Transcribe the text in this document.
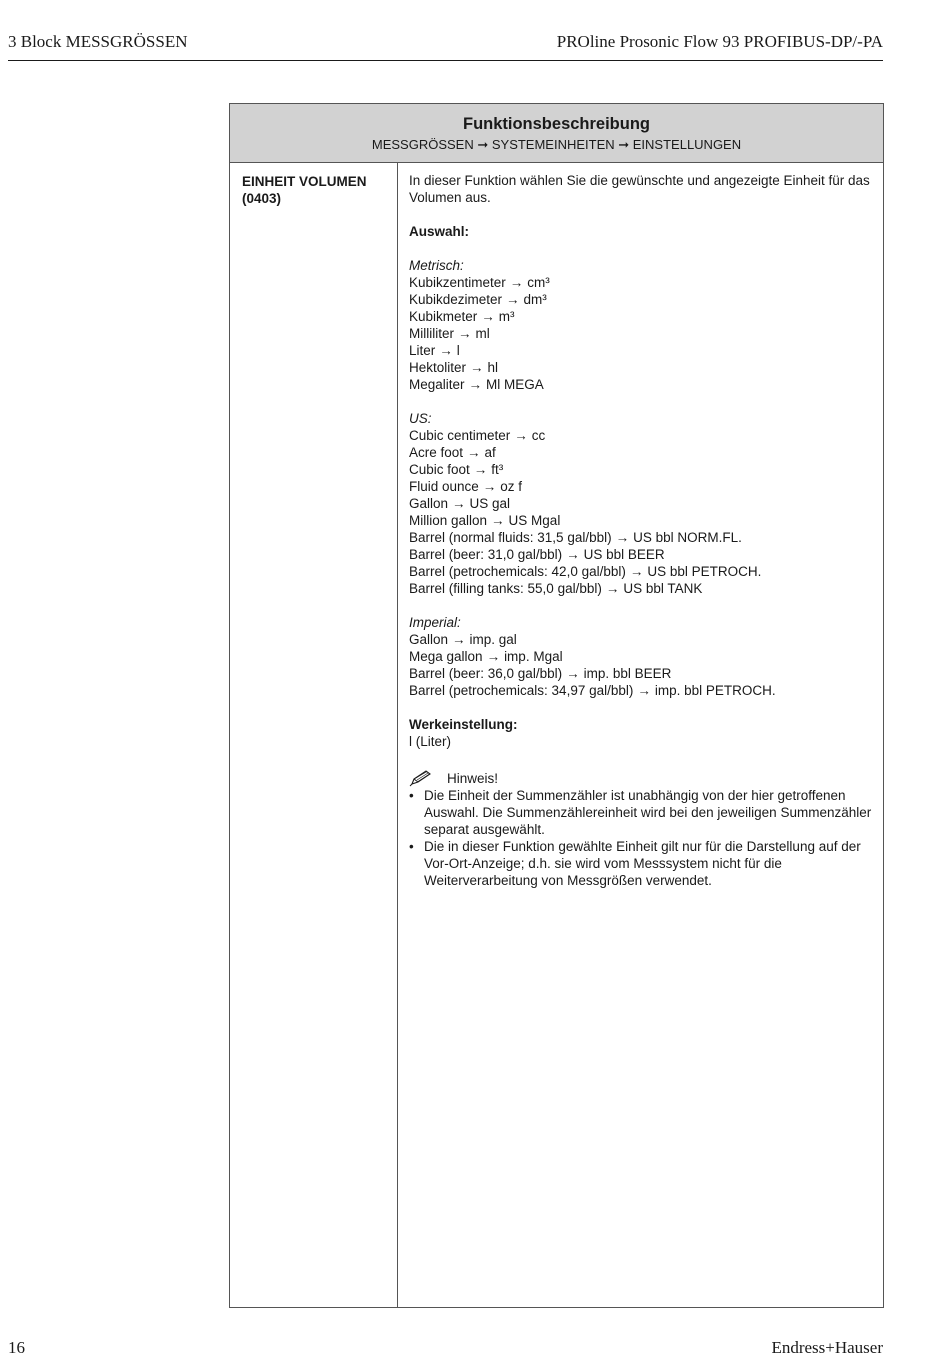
3 Block MESSGRÖSSEN	PROline Prosonic Flow 93 PROFIBUS-DP/-PA
Funktionsbeschreibung
MESSGRÖSSEN ➞ SYSTEMEINHEITEN ➞ EINSTELLUNGEN
EINHEIT VOLUMEN
(0403)
In dieser Funktion wählen Sie die gewünschte und angezeigte Einheit für das
Volumen aus.
Auswahl:
Metrisch:
Kubikzentimeter → cm³
Kubikdezimeter → dm³
Kubikmeter → m³
Milliliter → ml
Liter → l
Hektoliter → hl
Megaliter → Ml MEGA
US:
Cubic centimeter → cc
Acre foot → af
Cubic foot → ft³
Fluid ounce → oz f
Gallon → US gal
Million gallon → US Mgal
Barrel (normal fluids: 31,5 gal/bbl) → US bbl NORM.FL.
Barrel (beer: 31,0 gal/bbl) → US bbl BEER
Barrel (petrochemicals: 42,0 gal/bbl) → US bbl PETROCH.
Barrel (filling tanks: 55,0 gal/bbl) → US bbl TANK
Imperial:
Gallon → imp. gal
Mega gallon → imp. Mgal
Barrel (beer: 36,0 gal/bbl) → imp. bbl BEER
Barrel (petrochemicals: 34,97 gal/bbl) → imp. bbl PETROCH.
Werkeinstellung:
l (Liter)
Hinweis!
• Die Einheit der Summenzähler ist unabhängig von der hier getroffenen Auswahl. Die Summenzählereinheit wird bei den jeweiligen Summenzähler separat ausgewählt.
• Die in dieser Funktion gewählte Einheit gilt nur für die Darstellung auf der Vor-Ort-Anzeige; d.h. sie wird vom Messsystem nicht für die Weiterverarbeitung von Messgrößen verwendet.
16	Endress+Hauser
